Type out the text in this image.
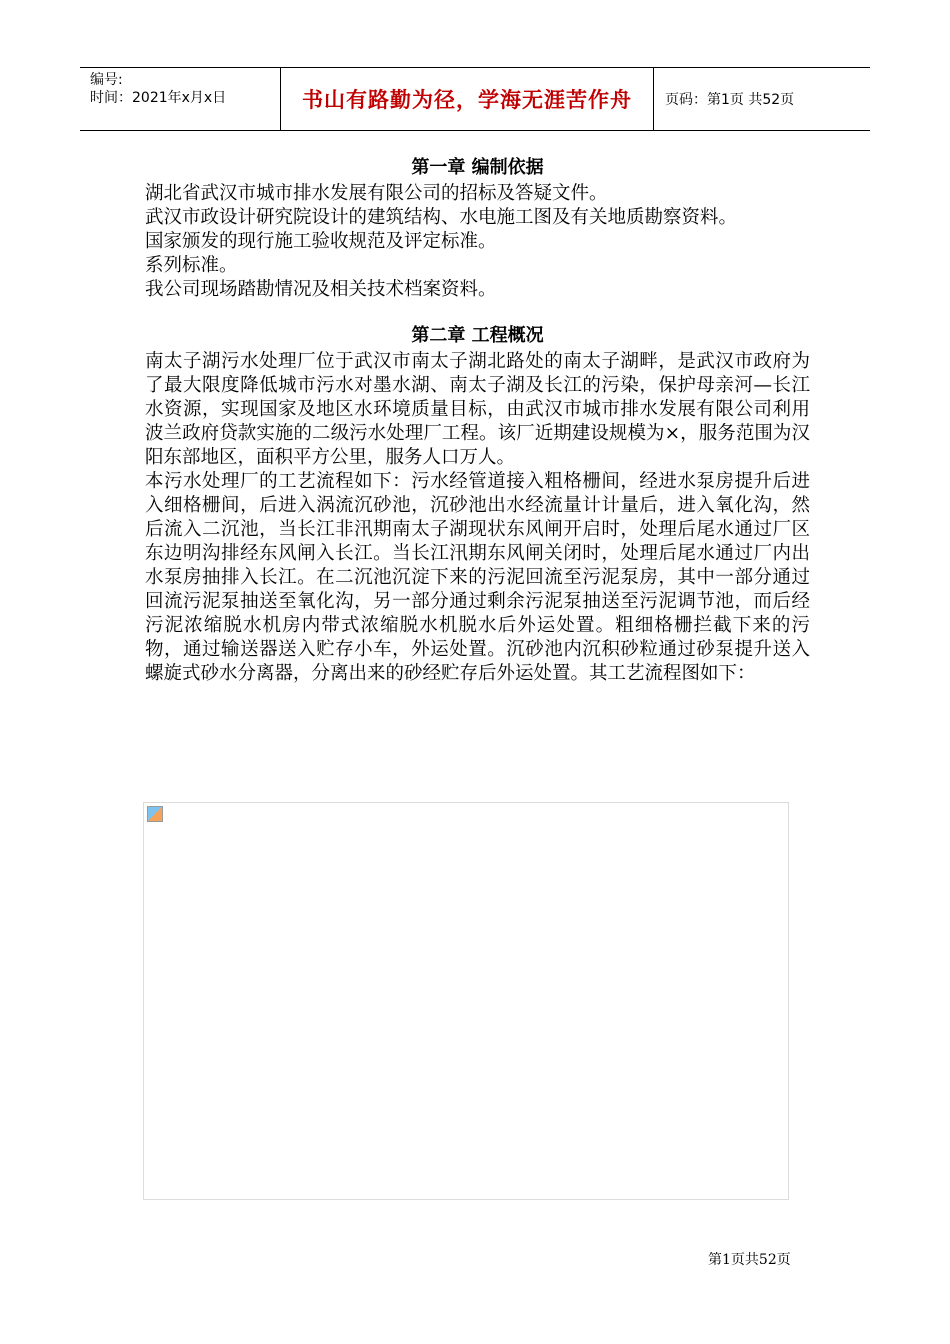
编号:
时间：2021年x月x日	书山有路勤为径，学海无涯苦作舟	页码：第1页 共52页
第一章 编制依据

湖北省武汉市城市排水发展有限公司的招标及答疑文件。

武汉市政设计研究院设计的建筑结构、水电施工图及有关地质勘察资料。

国家颁发的现行施工验收规范及评定标准。

系列标准。

我公司现场踏勘情况及相关技术档案资料。

第二章 工程概况

南太子湖污水处理厂位于武汉市南太子湖北路处的南太子湖畔，是武汉市政府为了最大限度降低城市污水对墨水湖、南太子湖及长江的污染，保护母亲河—长江水资源，实现国家及地区水环境质量目标，由武汉市城市排水发展有限公司利用波兰政府贷款实施的二级污水处理厂工程。该厂近期建设规模为×，服务范围为汉阳东部地区，面积平方公里，服务人口万人。

本污水处理厂的工艺流程如下：污水经管道接入粗格栅间，经进水泵房提升后进入细格栅间，后进入涡流沉砂池，沉砂池出水经流量计计量后，进入氧化沟，然后流入二沉池，当长江非汛期南太子湖现状东风闸开启时，处理后尾水通过厂区东边明沟排经东风闸入长江。当长江汛期东风闸关闭时，处理后尾水通过厂内出水泵房抽排入长江。在二沉池沉淀下来的污泥回流至污泥泵房，其中一部分通过回流污泥泵抽送至氧化沟，另一部分通过剩余污泥泵抽送至污泥调节池，而后经污泥浓缩脱水机房内带式浓缩脱水机脱水后外运处置。粗细格栅拦截下来的污物，通过输送器送入贮存小车，外运处置。沉砂池内沉积砂粒通过砂泵提升送入螺旋式砂水分离器，分离出来的砂经贮存后外运处置。其工艺流程图如下：

第1页共52页
